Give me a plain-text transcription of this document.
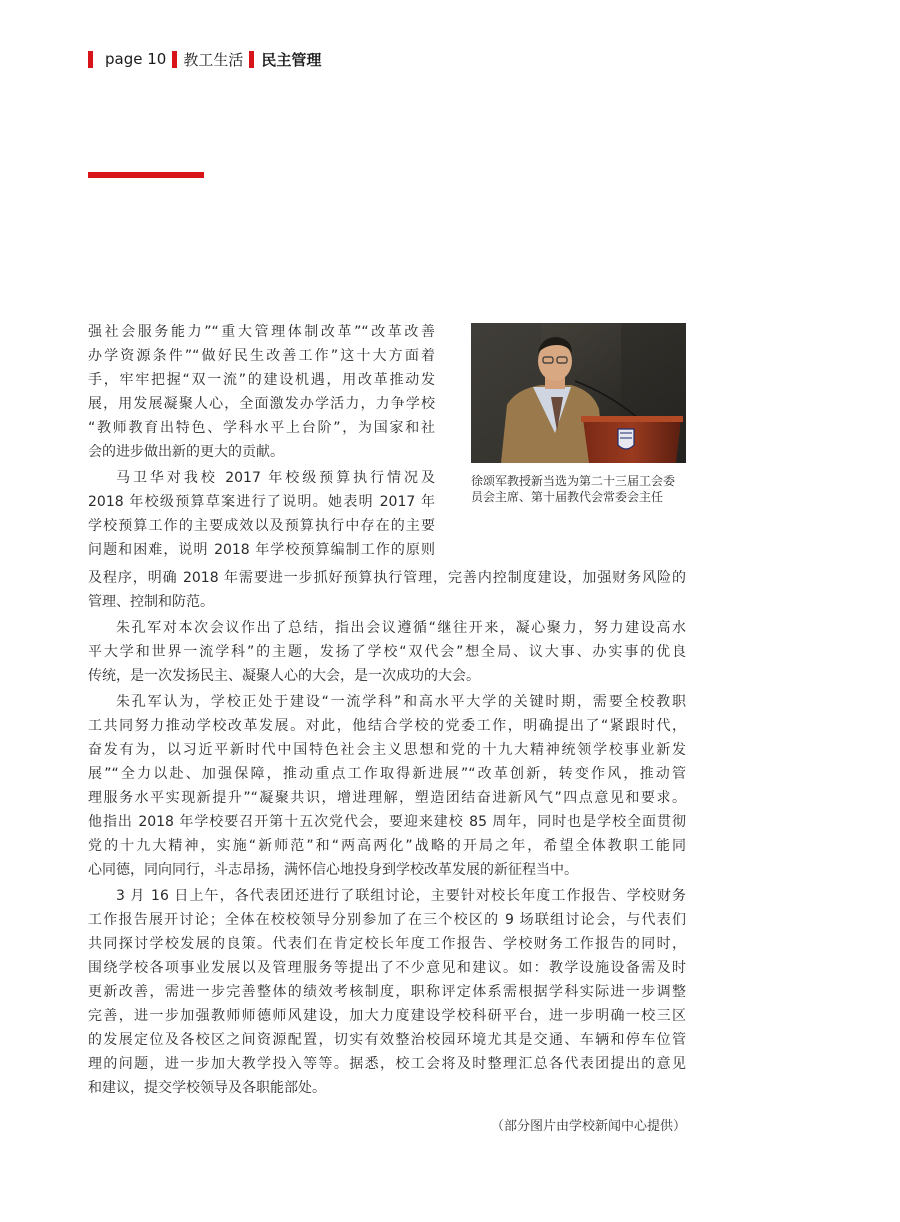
page 10	教工生活	民主管理

强社会服务能力”“重大管理体制改革”“改革改善

办学资源条件”“做好民生改善工作”这十大方面着

手，牢牢把握“双一流”的建设机遇，用改革推动发

展，用发展凝聚人心，全面激发办学活力，力争学校

“教师教育出特色、学科水平上台阶”，为国家和社

会的进步做出新的更大的贡献。

马卫华对我校 2017 年校级预算执行情况及

2018 年校级预算草案进行了说明。她表明 2017 年

学校预算工作的主要成效以及预算执行中存在的主要

问题和困难，说明 2018 年学校预算编制工作的原则

及程序，明确 2018 年需要进一步抓好预算执行管理，完善内控制度建设，加强财务风险的

管理、控制和防范。

朱孔军对本次会议作出了总结，指出会议遵循“继往开来，凝心聚力，努力建设高水

平大学和世界一流学科”的主题，发扬了学校“双代会”想全局、议大事、办实事的优良

传统，是一次发扬民主、凝聚人心的大会，是一次成功的大会。

朱孔军认为，学校正处于建设“一流学科”和高水平大学的关键时期，需要全校教职

工共同努力推动学校改革发展。对此，他结合学校的党委工作，明确提出了“紧跟时代，

奋发有为，以习近平新时代中国特色社会主义思想和党的十九大精神统领学校事业新发

展”“全力以赴、加强保障，推动重点工作取得新进展”“改革创新，转变作风，推动管

理服务水平实现新提升”“凝聚共识，增进理解，塑造团结奋进新风气”四点意见和要求。

他指出 2018 年学校要召开第十五次党代会，要迎来建校 85 周年，同时也是学校全面贯彻

党的十九大精神，实施“新师范”和“两高两化”战略的开局之年，希望全体教职工能同

心同德，同向同行，斗志昂扬，满怀信心地投身到学校改革发展的新征程当中。

3 月 16 日上午，各代表团还进行了联组讨论，主要针对校长年度工作报告、学校财务

工作报告展开讨论；全体在校校领导分别参加了在三个校区的 9 场联组讨论会，与代表们

共同探讨学校发展的良策。代表们在肯定校长年度工作报告、学校财务工作报告的同时，

围绕学校各项事业发展以及管理服务等提出了不少意见和建议。如：教学设施设备需及时

更新改善，需进一步完善整体的绩效考核制度，职称评定体系需根据学科实际进一步调整

完善，进一步加强教师师德师风建设，加大力度建设学校科研平台，进一步明确一校三区

的发展定位及各校区之间资源配置，切实有效整治校园环境尤其是交通、车辆和停车位管

理的问题，进一步加大教学投入等等。据悉，校工会将及时整理汇总各代表团提出的意见

和建议，提交学校领导及各职能部处。

徐颂军教授新当选为第二十三届工会委员会主席、第十届教代会常委会主任

（部分图片由学校新闻中心提供）
